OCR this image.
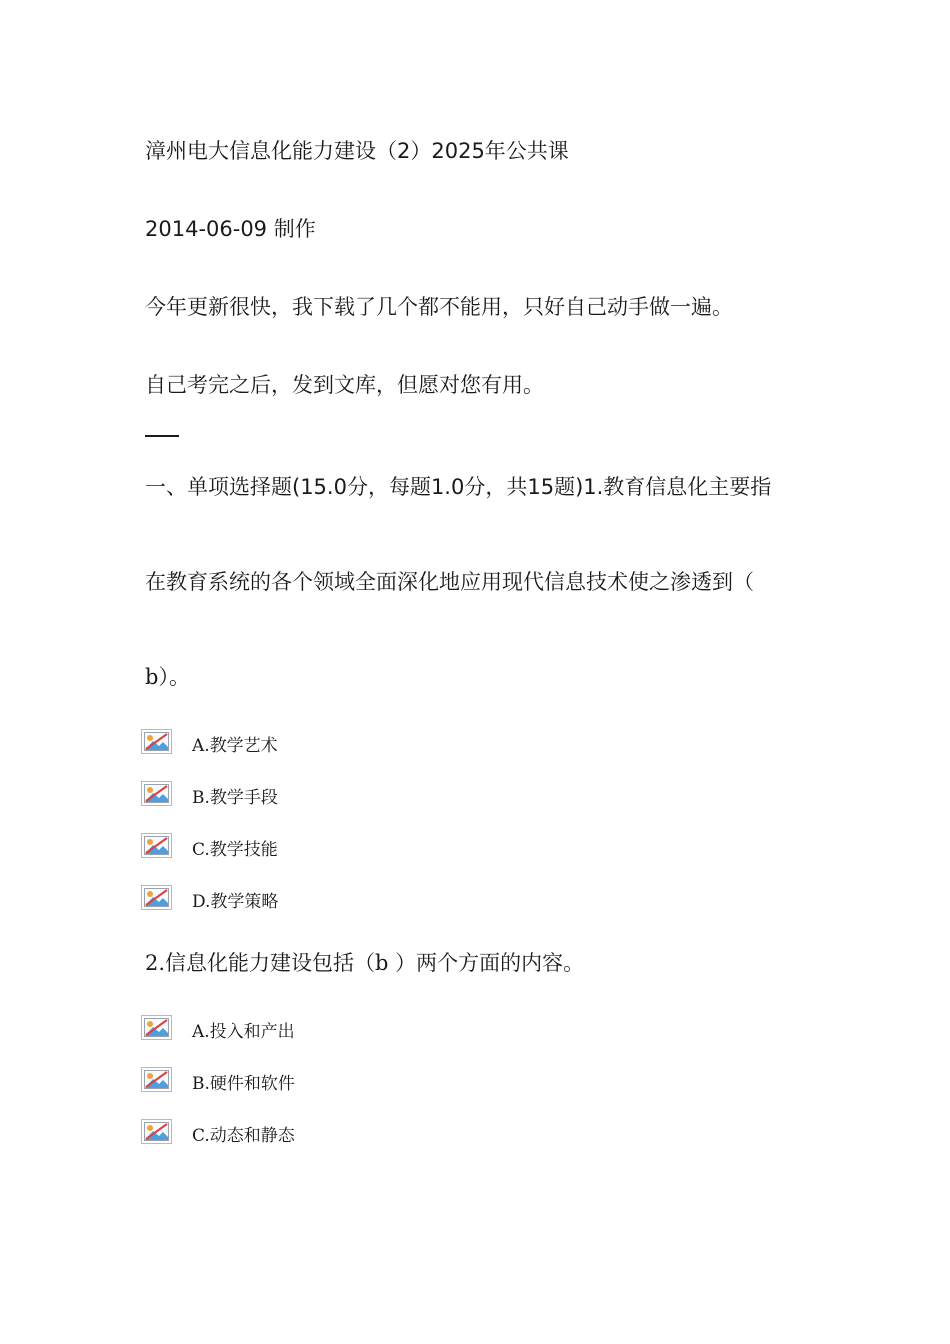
漳州电大信息化能力建设（2）2025年公共课

2014-06-09 制作

今年更新很快，我下载了几个都不能用，只好自己动手做一遍。

自己考完之后，发到文库，但愿对您有用。

一、单项选择题(15.0分，每题1.0分，共15题)1.教育信息化主要指

在教育系统的各个领域全面深化地应用现代信息技术使之渗透到（

b）。

A.教学艺术
B.教学手段
C.教学技能
D.教学策略

2.信息化能力建设包括（b ）两个方面的内容。

A.投入和产出
B.硬件和软件
C.动态和静态
